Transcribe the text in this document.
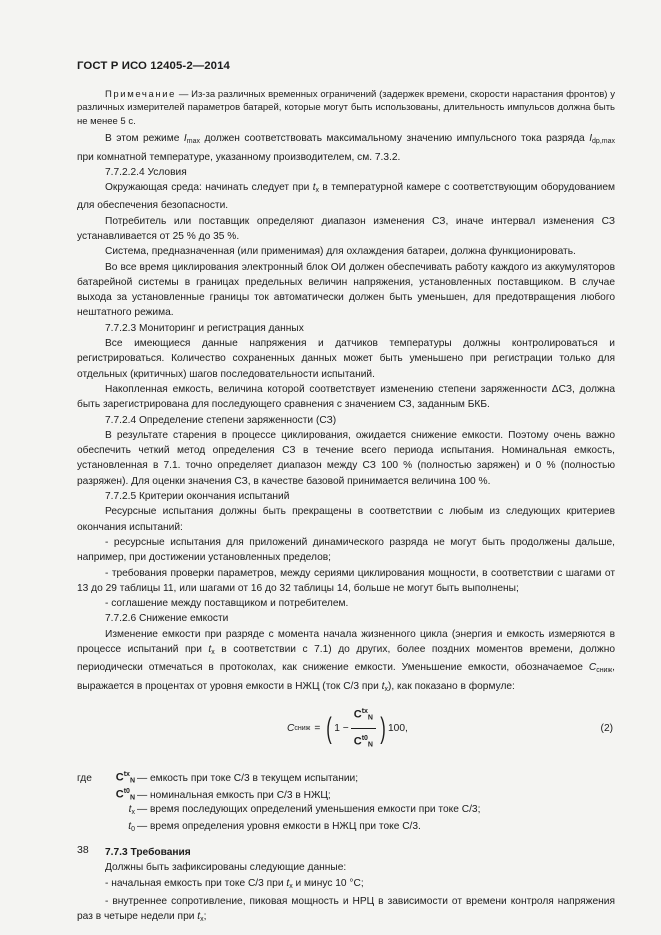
ГОСТ Р ИСО 12405-2—2014

Примечание — Из-за различных временных ограничений (задержек времени, скорости нарастания фронтов) у различных измерителей параметров батарей, которые могут быть использованы, длительность импульсов должна быть не менее 5 с.

В этом режиме $I_{max}$ должен соответствовать максимальному значению импульсного тока разряда $I_{dp,max}$ при комнатной температуре, указанному производителем, см. 7.3.2.

7.7.2.2.4 Условия

Окружающая среда: начинать следует при $t_x$ в температурной камере с соответствующим оборудованием для обеспечения безопасности.

Потребитель или поставщик определяют диапазон изменения СЗ, иначе интервал изменения СЗ устанавливается от 25 % до 35 %.

Система, предназначенная (или применимая) для охлаждения батареи, должна функционировать.

Во все время циклирования электронный блок ОИ должен обеспечивать работу каждого из аккумуляторов батарейной системы в границах предельных величин напряжения, установленных поставщиком. В случае выхода за установленные границы ток автоматически должен быть уменьшен, для предотвращения любого нештатного режима.

7.7.2.3 Мониторинг и регистрация данных

Все имеющиеся данные напряжения и датчиков температуры должны контролироваться и регистрироваться. Количество сохраненных данных может быть уменьшено при регистрации только для отдельных (критичных) шагов последовательности испытаний.

Накопленная емкость, величина которой соответствует изменению степени заряженности ΔСЗ, должна быть зарегистрирована для последующего сравнения с значением СЗ, заданным БКБ.

7.7.2.4 Определение степени заряженности (СЗ)

В результате старения в процессе циклирования, ожидается снижение емкости. Поэтому очень важно обеспечить четкий метод определения СЗ в течение всего периода испытания. Номинальная емкость, установленная в 7.1. точно определяет диапазон между СЗ 100 % (полностью заряжен) и 0 % (полностью разряжен). Для оценки значения СЗ, в качестве базовой принимается величина 100 %.

7.7.2.5 Критерии окончания испытаний

Ресурсные испытания должны быть прекращены в соответствии с любым из следующих критериев окончания испытаний:

- ресурсные испытания для приложений динамического разряда не могут быть продолжены дальше, например, при достижении установленных пределов;

- требования проверки параметров, между сериями циклирования мощности, в соответствии с шагами от 13 до 29 таблицы 11, или шагами от 16 до 32 таблицы 14, больше не могут быть выполнены;

- соглашение между поставщиком и потребителем.

7.7.2.6 Снижение емкости

Изменение емкости при разряде с момента начала жизненного цикла (энергия и емкость измеряются в процессе испытаний при $t_x$ в соответствии с 7.1) до других, более поздних моментов времени, должно периодически отмечаться в протоколах, как снижение емкости. Уменьшение емкости, обозначаемое $C_{сниж}$, выражается в процентах от уровня емкости в НЖЦ (ток С/3 при $t_x$), как показано в формуле:

C сниж = ( $1 - \frac{C^{tx}_N}{C^{t0}_N}$ ) 100,	(2)
где	$C^{tx}_N$ — емкость при токе С/3 в текущем испытании;
$C^{t0}_N$ — номинальная емкость при С/3 в НЖЦ;
$t_x$ — время последующих определений уменьшения емкости при токе С/3;
$t_0$ — время определения уровня емкости в НЖЦ при токе С/3.

7.7.3 Требования

Должны быть зафиксированы следующие данные:

- начальная емкость при токе С/3 при $t_x$ и минус 10 °С;

- внутреннее сопротивление, пиковая мощность и НРЦ в зависимости от времени контроля напряжения раз в четыре недели при $t_x$;

38
